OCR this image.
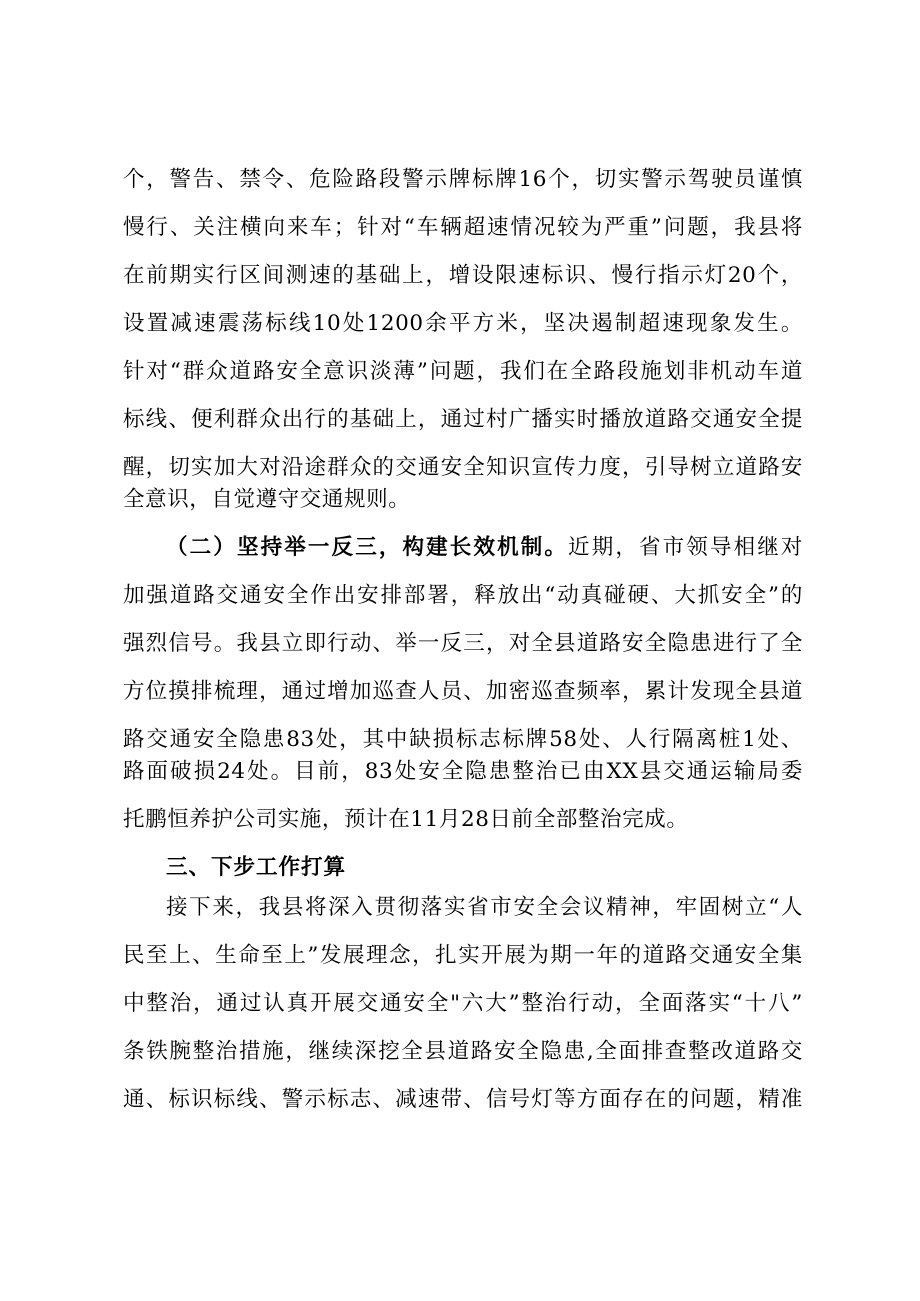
个，警告、禁令、危险路段警示牌标牌16个，切实警示驾驶员谨慎
慢行、关注横向来车；针对“车辆超速情况较为严重”问题，我县将
在前期实行区间测速的基础上，增设限速标识、慢行指示灯20个，
设置减速震荡标线10处1200余平方米，坚决遏制超速现象发生。
针对“群众道路安全意识淡薄”问题，我们在全路段施划非机动车道
标线、便利群众出行的基础上，通过村广播实时播放道路交通安全提
醒，切实加大对沿途群众的交通安全知识宣传力度，引导树立道路安
全意识，自觉遵守交通规则。
（二）坚持举一反三，构建长效机制。近期，省市领导相继对
加强道路交通安全作出安排部署，释放出“动真碰硬、大抓安全”的
强烈信号。我县立即行动、举一反三，对全县道路安全隐患进行了全
方位摸排梳理，通过增加巡查人员、加密巡查频率，累计发现全县道
路交通安全隐患83处，其中缺损标志标牌58处、人行隔离桩1处、
路面破损24处。目前，83处安全隐患整治已由XX县交通运输局委
托鹏恒养护公司实施，预计在11月28日前全部整治完成。
三、下步工作打算
接下来，我县将深入贯彻落实省市安全会议精神，牢固树立“人
民至上、生命至上”发展理念，扎实开展为期一年的道路交通安全集
中整治，通过认真开展交通安全"六大”整治行动，全面落实“十八”
条铁腕整治措施，继续深挖全县道路安全隐患,全面排查整改道路交
通、标识标线、警示标志、减速带、信号灯等方面存在的问题，精准
